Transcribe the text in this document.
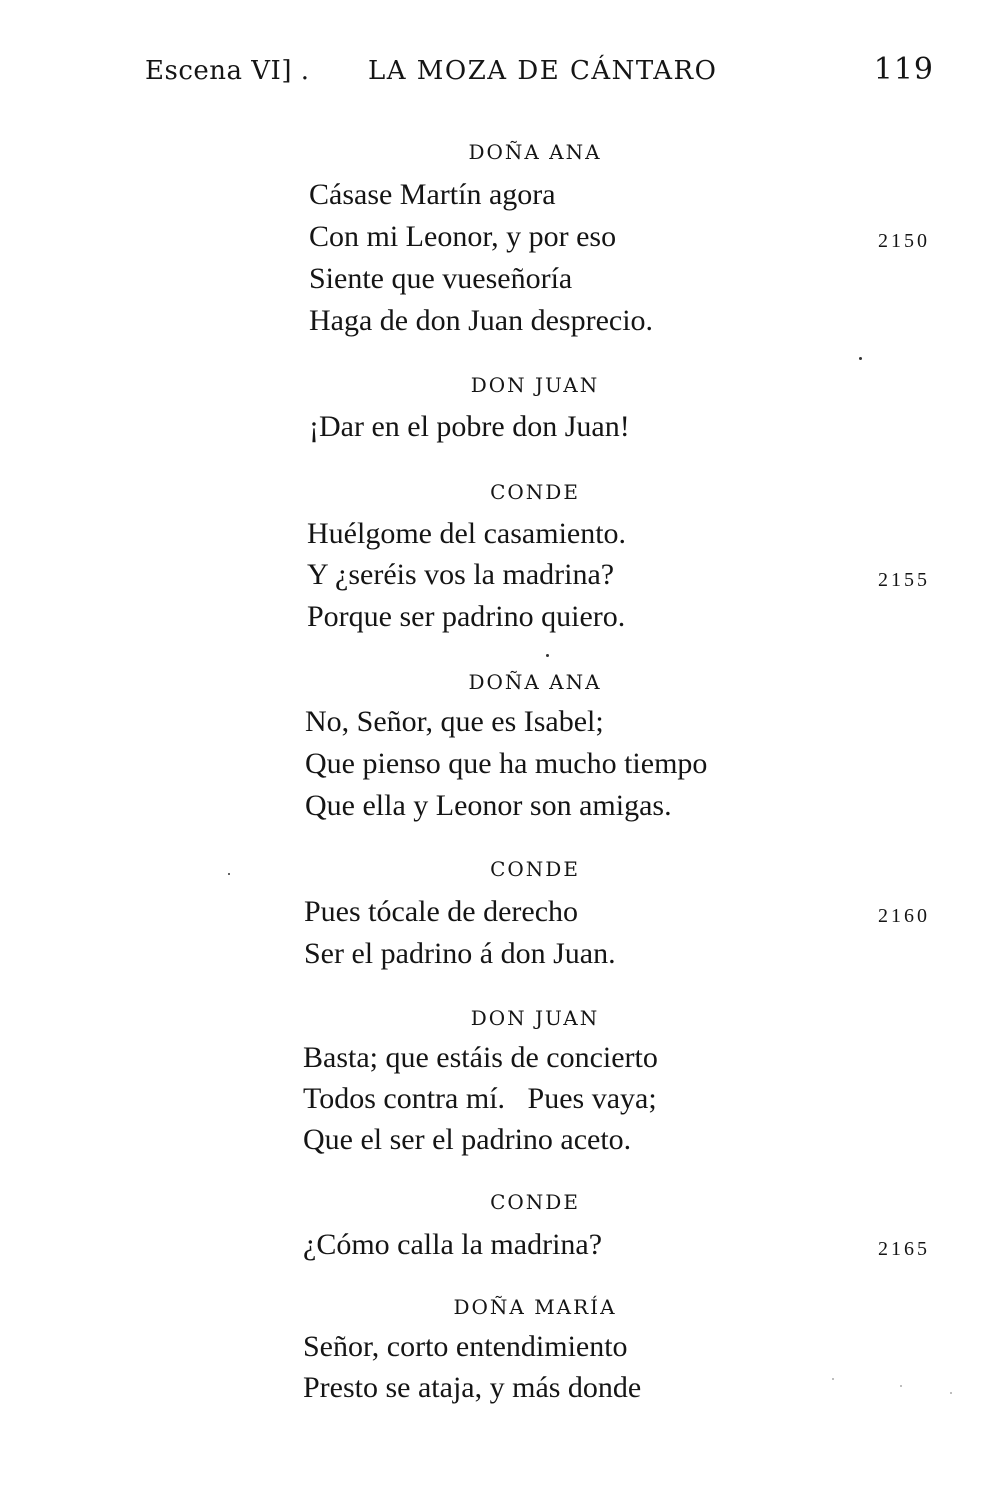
Escena VI] . LA MOZA DE CÁNTARO	119
DOÑA ANA
Cásase Martín agora
Con mi Leonor, y por eso	2150
Siente que vueseñoría
Haga de don Juan desprecio.
DON JUAN
¡Dar en el pobre don Juan!
CONDE
Huélgome del casamiento.
Y ¿seréis vos la madrina?	2155
Porque ser padrino quiero.
DOÑA ANA
No, Señor, que es Isabel;
Que pienso que ha mucho tiempo
Que ella y Leonor son amigas.
CONDE
Pues tócale de derecho	2160
Ser el padrino á don Juan.
DON JUAN
Basta; que estáis de concierto
Todos contra mí.   Pues vaya;
Que el ser el padrino aceto.
CONDE
¿Cómo calla la madrina?	2165
DOÑA MARÍA
Señor, corto entendimiento
Presto se ataja, y más donde
